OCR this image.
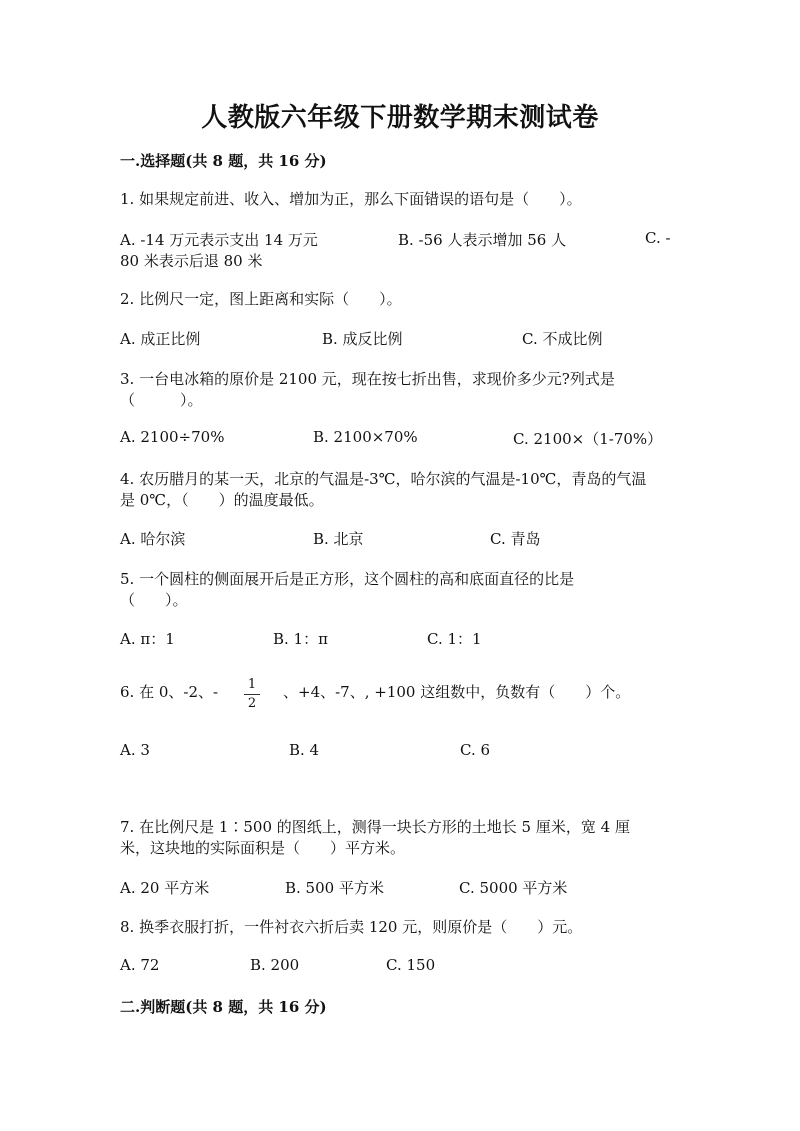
人教版六年级下册数学期末测试卷
一.选择题(共 8 题，共 16 分)
1. 如果规定前进、收入、增加为正，那么下面错误的语句是（　　）。
A. -14 万元表示支出 14 万元	B. -56 人表示增加 56 人	C. -
80 米表示后退 80 米
2. 比例尺一定，图上距离和实际（　　）。
A. 成正比例	B. 成反比例	C. 不成比例
3. 一台电冰箱的原价是 2100 元，现在按七折出售，求现价多少元?列式是
（　　　）。
A. 2100÷70%	B. 2100×70%	C. 2100×（1-70%）
4. 农历腊月的某一天，北京的气温是-3℃，哈尔滨的气温是-10℃，青岛的气温
是 0℃，（　　）的温度最低。
A. 哈尔滨	B. 北京	C. 青岛
5. 一个圆柱的侧面展开后是正方形，这个圆柱的高和底面直径的比是
（　　）。
A. π：1	B. 1：π	C. 1：1
6. 在 0、-2、- 1
2
、+4、-7、, +100 这组数中，负数有（　　）个。
A. 3	B. 4	C. 6
7. 在比例尺是 1∶500 的图纸上，测得一块长方形的土地长 5 厘米，宽 4 厘
米，这块地的实际面积是（　　）平方米。
A. 20 平方米	B. 500 平方米	C. 5000 平方米
8. 换季衣服打折，一件衬衣六折后卖 120 元，则原价是（　　）元。
A. 72	B. 200	C. 150
二.判断题(共 8 题，共 16 分)
